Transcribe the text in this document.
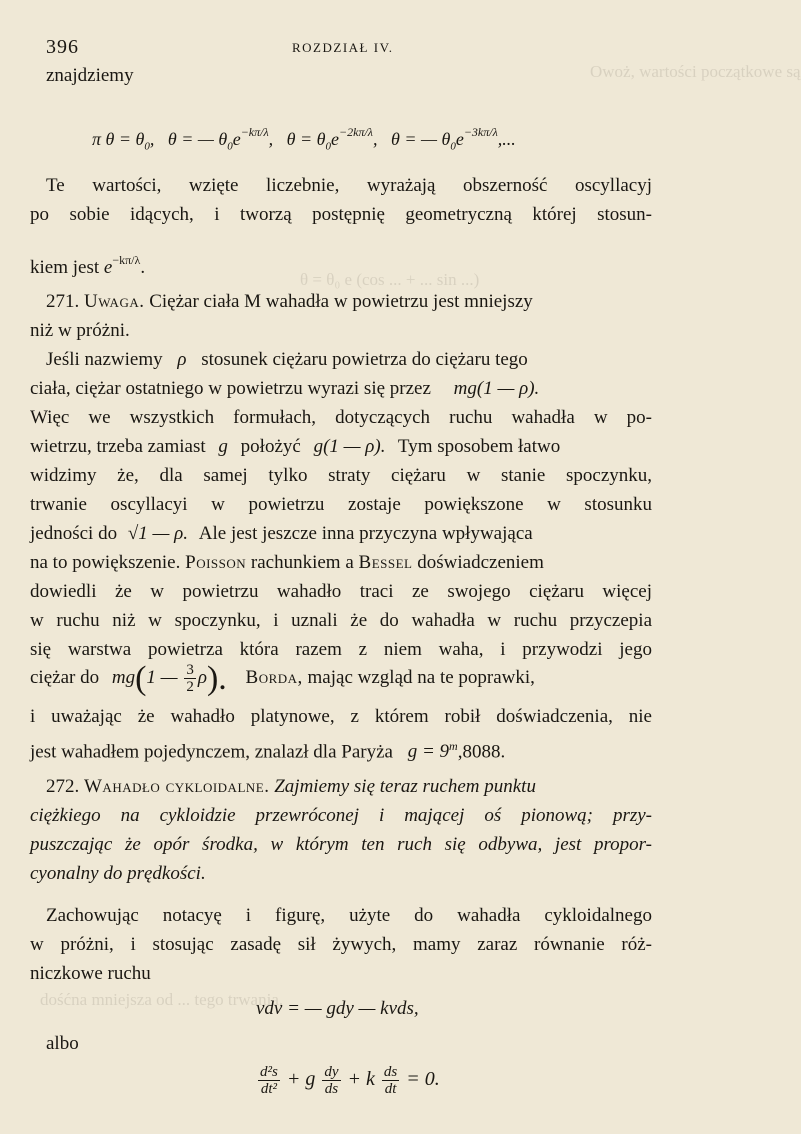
Owoż, wartości początkowe są
θ = θ₀ e (cos ... + ... sin ...)
dośćna mniejsza od ... tego trwania.
396	ROZDZIAŁ IV.
znajdziemy
π $\theta = \theta_0$,   θ = — $\theta_0e^{-k\pi/\lambda}$,   $\theta = \theta_0e^{-2k\pi/\lambda}$,   θ = — $\theta_0e^{-3k\pi/\lambda}$,...
Te wartości, wzięte liczebnie, wyrażają obszerność oscyllacyj
po sobie idących, i tworzą postępnię geometryczną której stosun-
kiem jest $e^{-k\pi/\lambda}$.
271. Uwaga. Ciężar ciała M wahadła w powietrzu jest mniejszy
niż w próżni.
Jeśli nazwiemy ρ stosunek ciężaru powietrza do ciężaru tego
ciała, ciężar ostatniego w powietrzu wyrazi się przez mg(1 — ρ).
Więc we wszystkich formułach, dotyczących ruchu wahadła w po-
wietrzu, trzeba zamiast g położyć g(1 — ρ). Tym sposobem łatwo
widzimy że, dla samej tylko straty ciężaru w stanie spoczynku,
trwanie oscyllacyi w powietrzu zostaje powiększone w stosunku
jedności do √1 — ρ. Ale jest jeszcze inna przyczyna wpływająca
na to powiększenie. Poisson rachunkiem a Bessel doświadczeniem
dowiedli że w powietrzu wahadło traci ze swojego ciężaru więcej
w ruchu niż w spoczynku, i uznali że do wahadła w ruchu przyczepia
się warstwa powietrza która razem z niem waha, i przywodzi jego
ciężar do mg(1 — $\frac{3}{2} \rho$). Borda, mając wzgląd na te poprawki,
i uważając że wahadło platynowe, z którem robił doświadczenia, nie
jest wahadłem pojedynczem, znalazł dla Paryża $g = 9^m,8088$.
272. Wahadło cykloidalne. Zajmiemy się teraz ruchem punktu
ciężkiego na cykloidzie przewróconej i mającej oś pionową; przy-
puszczając że opór środka, w którym ten ruch się odbywa, jest propor-
cyonalny do prędkości.
Zachowując notacyę i figurę, użyte do wahadła cykloidalnego
w próżni, i stosując zasadę sił żywych, mamy zaraz równanie róż-
niczkowe ruchu
vdv = — gdy — kvds,
albo
$\frac{\text{d²s}}{\text{dt²}} + g \frac{dy}{ds} + k \frac{ds}{dt} = 0$.
